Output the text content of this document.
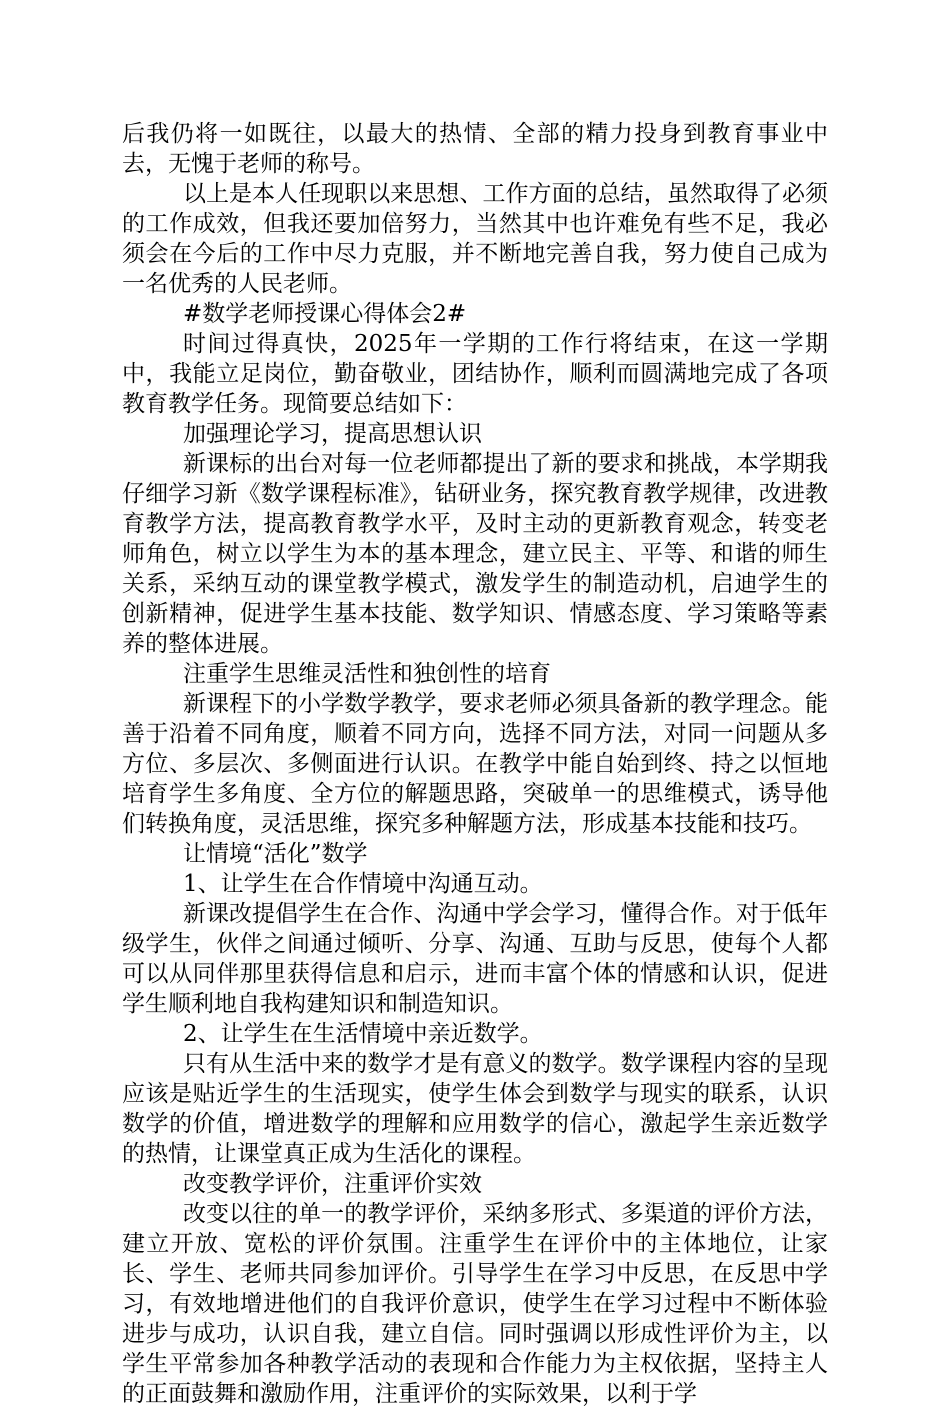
后我仍将一如既往，以最大的热情、全部的精力投身到教育事业中去，无愧于老师的称号。

以上是本人任现职以来思想、工作方面的总结，虽然取得了必须的工作成效，但我还要加倍努力，当然其中也许难免有些不足，我必须会在今后的工作中尽力克服，并不断地完善自我，努力使自己成为一名优秀的人民老师。

#数学老师授课心得体会2#

时间过得真快，2025年一学期的工作行将结束，在这一学期中，我能立足岗位，勤奋敬业，团结协作，顺利而圆满地完成了各项教育教学任务。现简要总结如下：

加强理论学习，提高思想认识

新课标的出台对每一位老师都提出了新的要求和挑战，本学期我仔细学习新《数学课程标准》，钻研业务，探究教育教学规律，改进教育教学方法，提高教育教学水平，及时主动的更新教育观念，转变老师角色，树立以学生为本的基本理念，建立民主、平等、和谐的师生关系，采纳互动的课堂教学模式，激发学生的制造动机，启迪学生的创新精神，促进学生基本技能、数学知识、情感态度、学习策略等素养的整体进展。

注重学生思维灵活性和独创性的培育

新课程下的小学数学教学，要求老师必须具备新的教学理念。能善于沿着不同角度，顺着不同方向，选择不同方法，对同一问题从多方位、多层次、多侧面进行认识。在教学中能自始到终、持之以恒地培育学生多角度、全方位的解题思路，突破单一的思维模式，诱导他们转换角度，灵活思维，探究多种解题方法，形成基本技能和技巧。

让情境“活化”数学

1、让学生在合作情境中沟通互动。

新课改提倡学生在合作、沟通中学会学习，懂得合作。对于低年级学生，伙伴之间通过倾听、分享、沟通、互助与反思，使每个人都可以从同伴那里获得信息和启示，进而丰富个体的情感和认识，促进学生顺利地自我构建知识和制造知识。

2、让学生在生活情境中亲近数学。

只有从生活中来的数学才是有意义的数学。数学课程内容的呈现应该是贴近学生的生活现实，使学生体会到数学与现实的联系，认识数学的价值，增进数学的理解和应用数学的信心，激起学生亲近数学的热情，让课堂真正成为生活化的课程。

改变教学评价，注重评价实效

改变以往的单一的教学评价，采纳多形式、多渠道的评价方法，建立开放、宽松的评价氛围。注重学生在评价中的主体地位，让家长、学生、老师共同参加评价。引导学生在学习中反思，在反思中学习，有效地增进他们的自我评价意识，使学生在学习过程中不断体验进步与成功，认识自我，建立自信。同时强调以形成性评价为主，以学生平常参加各种教学活动的表现和合作能力为主权依据，坚持主人的正面鼓舞和激励作用，注重评价的实际效果，以利于学
